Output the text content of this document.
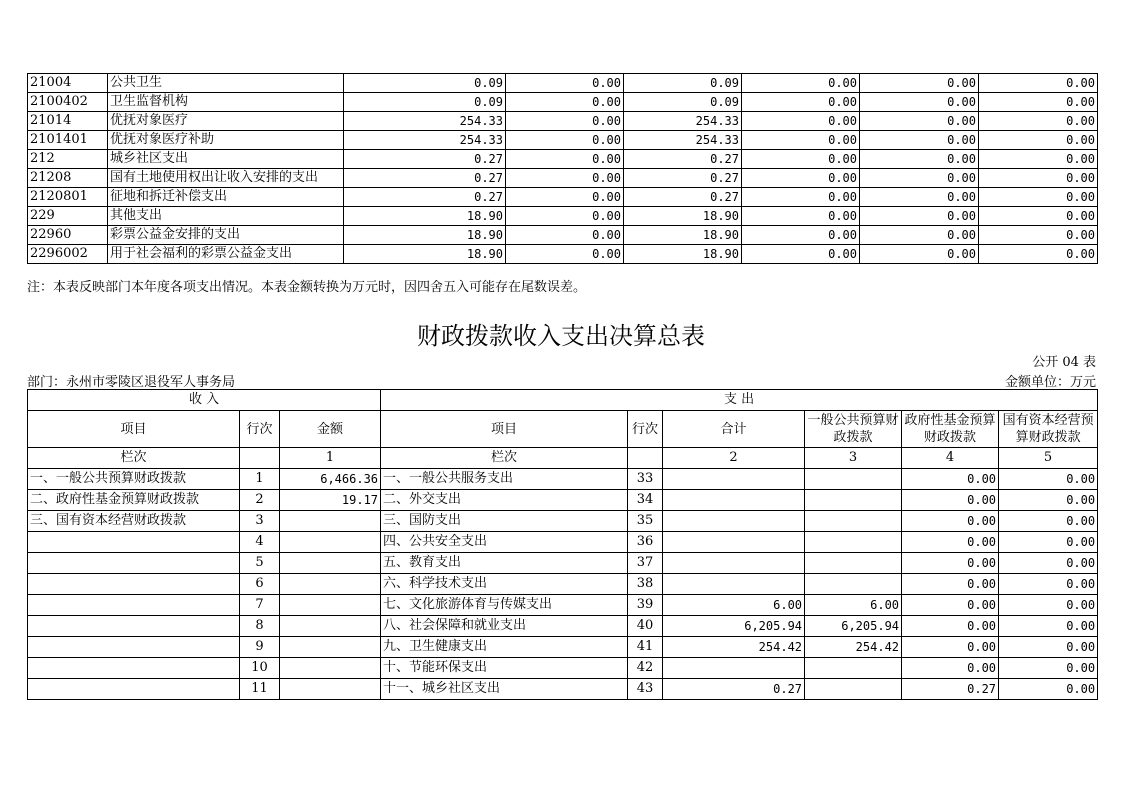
21004	公共卫生	0.09	0.00	0.09	0.00	0.00	0.00
2100402	卫生监督机构	0.09	0.00	0.09	0.00	0.00	0.00
21014	优抚对象医疗	254.33	0.00	254.33	0.00	0.00	0.00
2101401	优抚对象医疗补助	254.33	0.00	254.33	0.00	0.00	0.00
212	城乡社区支出	0.27	0.00	0.27	0.00	0.00	0.00
21208	国有土地使用权出让收入安排的支出	0.27	0.00	0.27	0.00	0.00	0.00
2120801	征地和拆迁补偿支出	0.27	0.00	0.27	0.00	0.00	0.00
229	其他支出	18.90	0.00	18.90	0.00	0.00	0.00
22960	彩票公益金安排的支出	18.90	0.00	18.90	0.00	0.00	0.00
2296002	用于社会福利的彩票公益金支出	18.90	0.00	18.90	0.00	0.00	0.00
注：本表反映部门本年度各项支出情况。本表金额转换为万元时，因四舍五入可能存在尾数误差。
财政拨款收入支出决算总表
公开 04 表
部门：永州市零陵区退役军人事务局	金额单位：万元
收 入			支 出					
项目	行次	金额	项目	行次	合计	一般公共预算财政拨款	政府性基金预算财政拨款	国有资本经营预算财政拨款
栏次		1	栏次		2	3	4	5
一、一般公共预算财政拨款	1	6,466.36	一、一般公共服务支出	33			0.00	0.00
二、政府性基金预算财政拨款	2	19.17	二、外交支出	34			0.00	0.00
三、国有资本经营财政拨款	3		三、国防支出	35			0.00	0.00
	4		四、公共安全支出	36			0.00	0.00
	5		五、教育支出	37			0.00	0.00
	6		六、科学技术支出	38			0.00	0.00
	7		七、文化旅游体育与传媒支出	39	6.00	6.00	0.00	0.00
	8		八、社会保障和就业支出	40	6,205.94	6,205.94	0.00	0.00
	9		九、卫生健康支出	41	254.42	254.42	0.00	0.00
	10		十、节能环保支出	42			0.00	0.00
	11		十一、城乡社区支出	43	0.27		0.27	0.00
